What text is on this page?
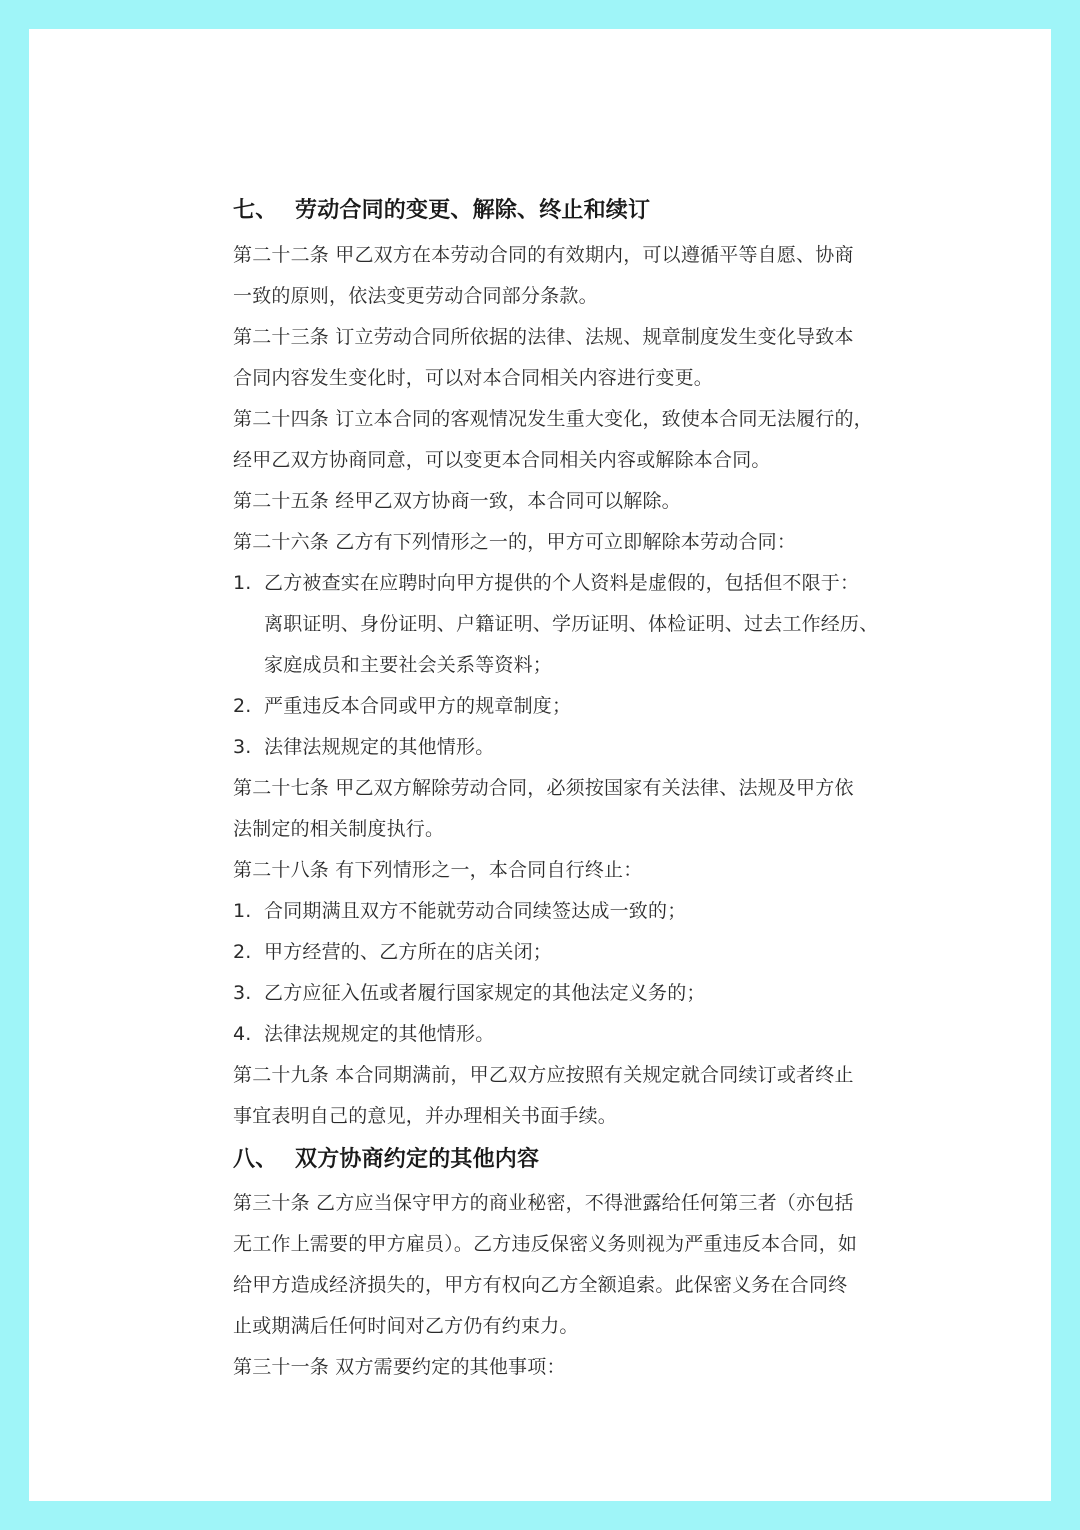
七、 劳动合同的变更、解除、终止和续订

第二十二条 甲乙双方在本劳动合同的有效期内，可以遵循平等自愿、协商

一致的原则，依法变更劳动合同部分条款。

第二十三条 订立劳动合同所依据的法律、法规、规章制度发生变化导致本

合同内容发生变化时，可以对本合同相关内容进行变更。

第二十四条 订立本合同的客观情况发生重大变化，致使本合同无法履行的，

经甲乙双方协商同意，可以变更本合同相关内容或解除本合同。

第二十五条 经甲乙双方协商一致，本合同可以解除。

第二十六条 乙方有下列情形之一的，甲方可立即解除本劳动合同：

1. 乙方被查实在应聘时向甲方提供的个人资料是虚假的，包括但不限于：
离职证明、身份证明、户籍证明、学历证明、体检证明、过去工作经历、
家庭成员和主要社会关系等资料；
2. 严重违反本合同或甲方的规章制度；
3. 法律法规规定的其他情形。

第二十七条 甲乙双方解除劳动合同，必须按国家有关法律、法规及甲方依

法制定的相关制度执行。

第二十八条 有下列情形之一，本合同自行终止：

1. 合同期满且双方不能就劳动合同续签达成一致的；
2. 甲方经营的、乙方所在的店关闭；
3. 乙方应征入伍或者履行国家规定的其他法定义务的；
4. 法律法规规定的其他情形。

第二十九条 本合同期满前，甲乙双方应按照有关规定就合同续订或者终止

事宜表明自己的意见，并办理相关书面手续。

八、 双方协商约定的其他内容

第三十条 乙方应当保守甲方的商业秘密，不得泄露给任何第三者（亦包括

无工作上需要的甲方雇员）。乙方违反保密义务则视为严重违反本合同，如

给甲方造成经济损失的，甲方有权向乙方全额追索。此保密义务在合同终

止或期满后任何时间对乙方仍有约束力。

第三十一条 双方需要约定的其他事项：
